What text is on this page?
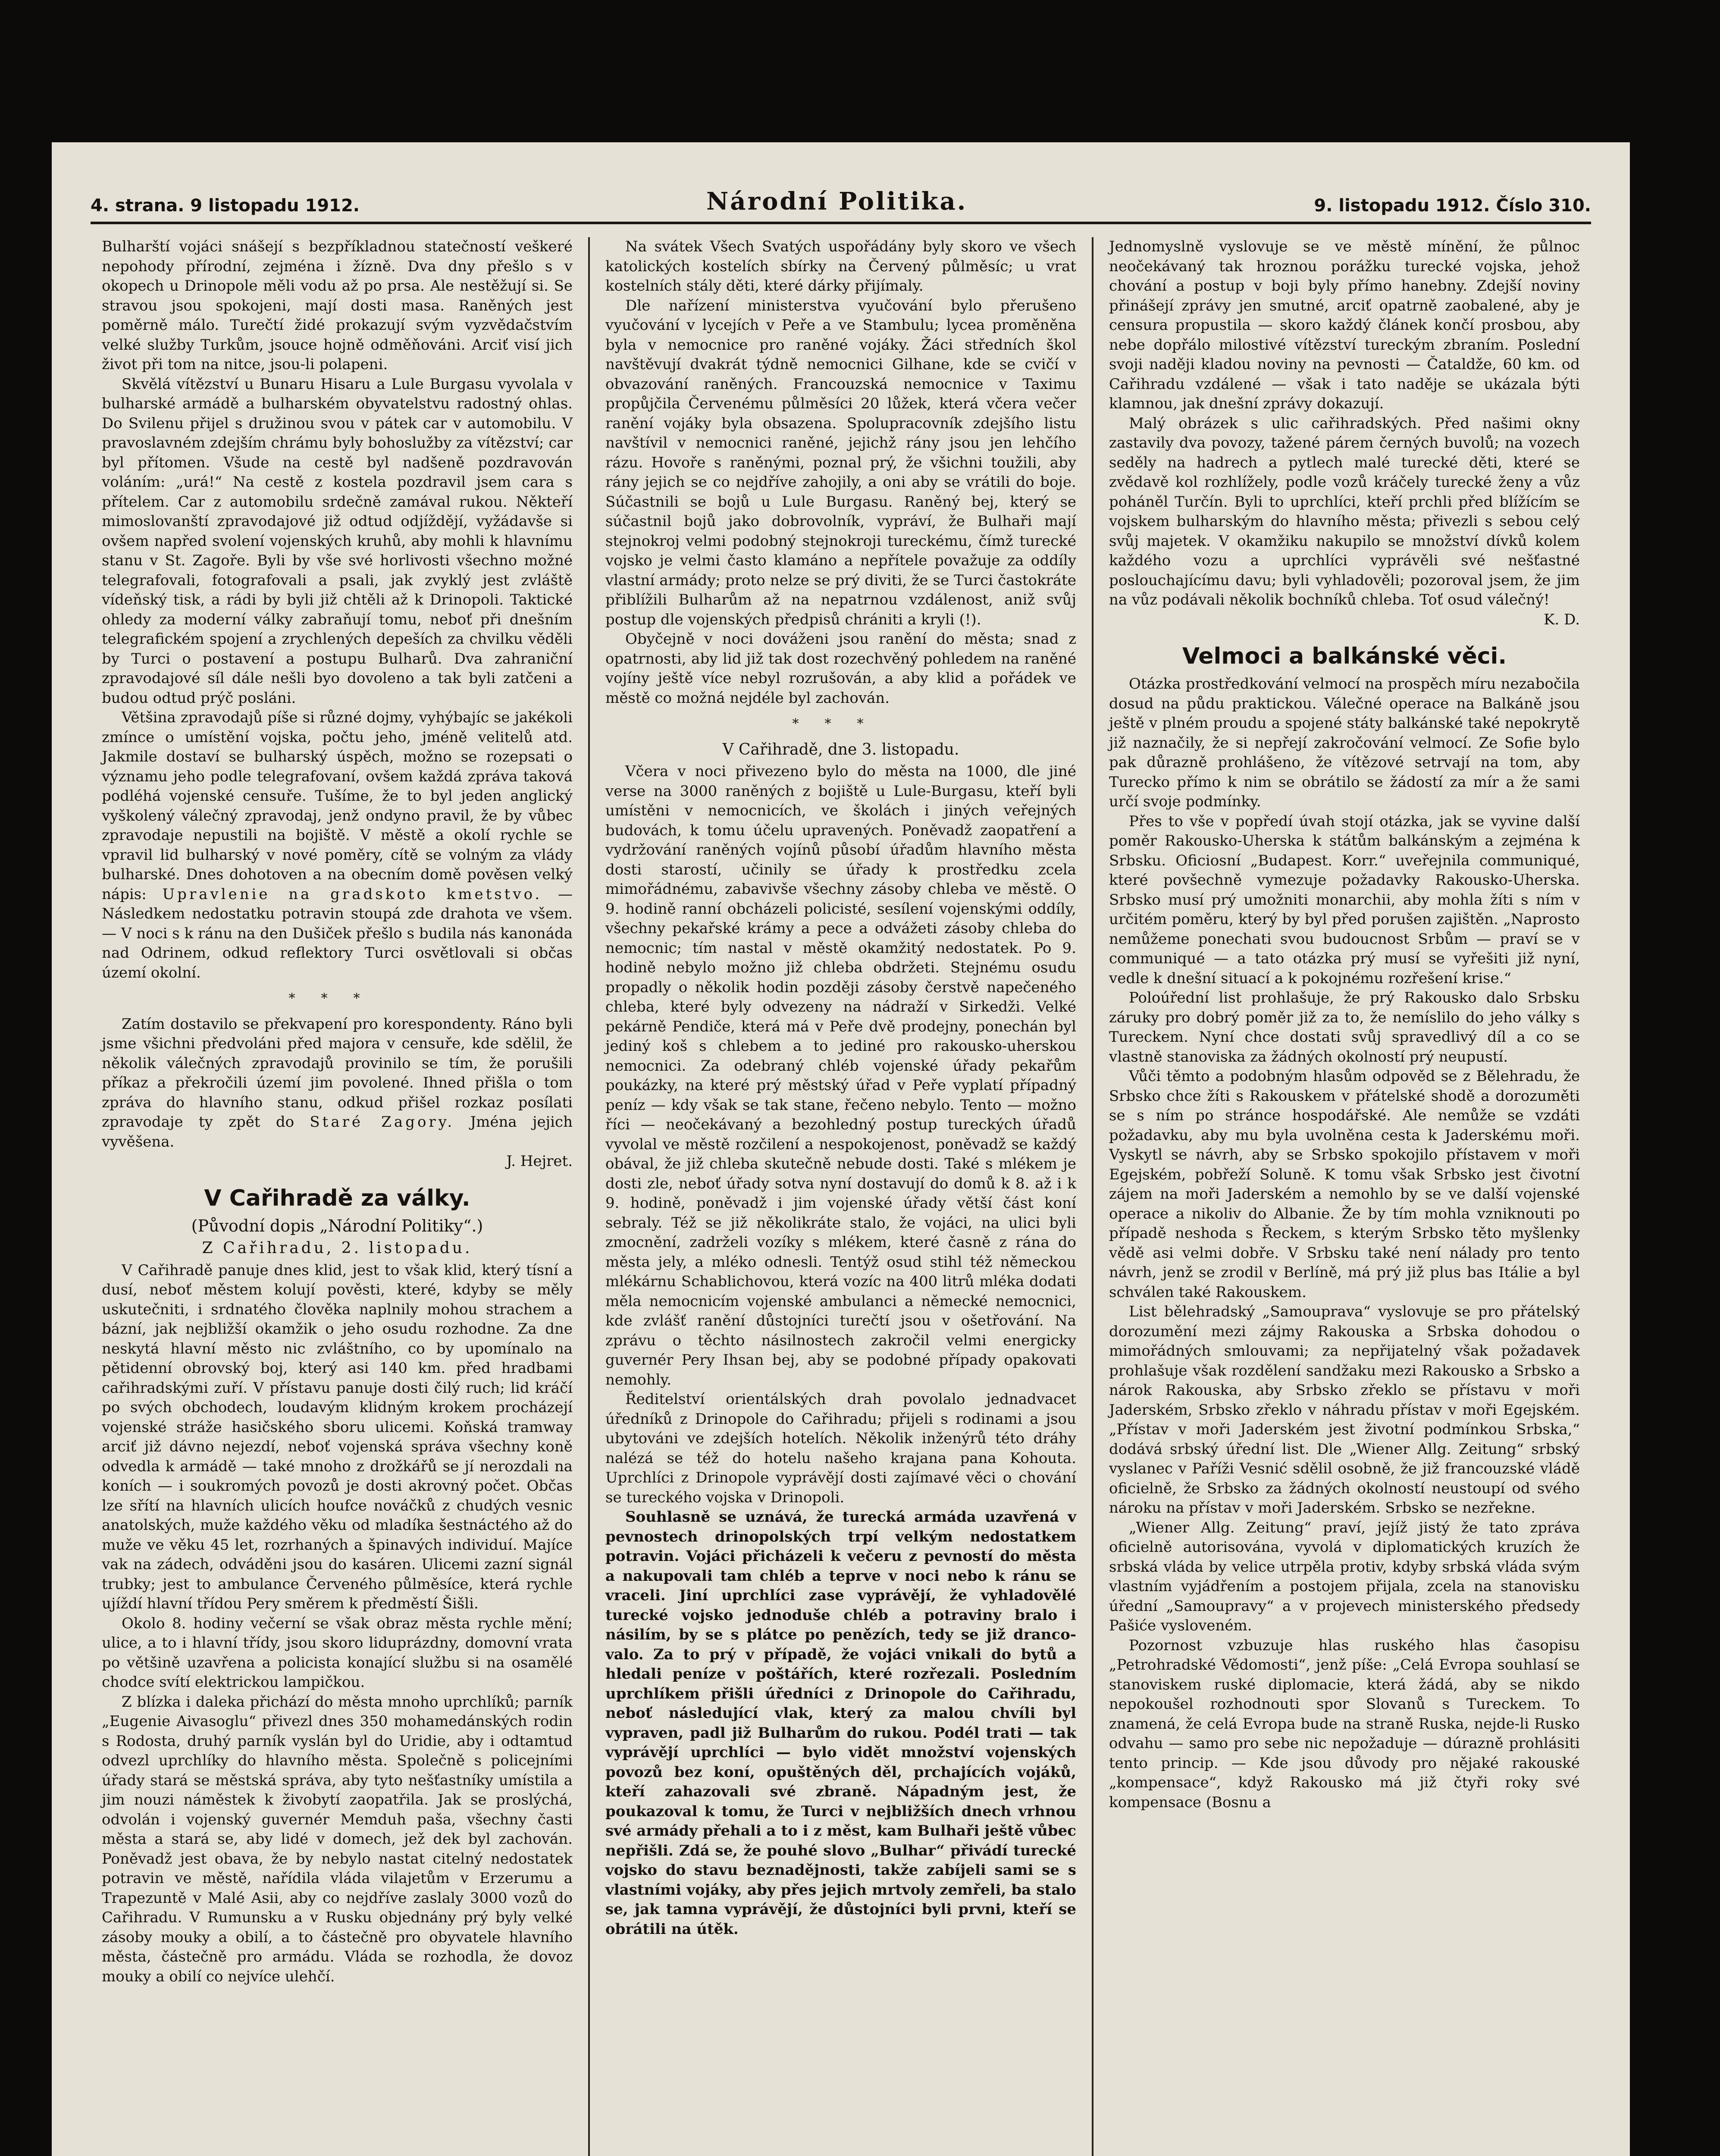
4. strana. 9 listopadu 1912.	Národní Politika.	9. listopadu 1912. Číslo 310.

Bulharští vojáci snášejí s bezpříkladnou statečností veškeré nepohody přírodní, zejména i žízně. Dva dny přešlo s v okopech u Drinopole měli vodu až po prsa. Ale nestěžují si. Se stravou jsou spokojeni, mají dosti masa. Raněných jest poměrně málo. Turečtí židé prokazují svým vyzvědačstvím velké služby Turkům, jsouce hojně odměňováni. Arciť visí jich život při tom na nitce, jsou-li polapeni.

Skvělá vítězství u Bunaru Hisaru a Lule Burgasu vyvolala v bulharské armádě a bulharském obyvatelstvu radostný ohlas. Do Svilenu přijel s družinou svou v pátek car v automobilu. V pravoslavném zdejším chrámu byly bohoslužby za vítězství; car byl přítomen. Všude na cestě byl nadšeně pozdravován voláním: „urá!“ Na cestě z kostela pozdravil jsem cara s přítelem. Car z automobilu srdečně zamával rukou. Někteří mimoslovanští zpravodajové již odtud odjíždějí, vyžádavše si ovšem napřed svolení vojenských kruhů, aby mohli k hlavnímu stanu v St. Zagoře. Byli by vše své horlivosti všechno možné telegrafovali, fotografovali a psali, jak zvyklý jest zvláště vídeňský tisk, a rádi by byli již chtěli až k Drinopoli. Taktické ohledy za moderní války zabraňují tomu, neboť při dnešním telegrafickém spojení a zrychlených depeších za chvilku věděli by Turci o postavení a postupu Bulharů. Dva zahraniční zpravodajové síl dále nešli byo dovoleno a tak byli zatčeni a budou odtud prýč posláni.

Většina zpravodajů píše si různé dojmy, vyhýbajíc se jakékoli zmínce o umístění vojska, počtu jeho, jméně velitelů atd. Jakmile dostaví se bulharský úspěch, možno se rozepsati o významu jeho podle telegrafovaní, ovšem každá zpráva taková podléhá vojenské censuře. Tušíme, že to byl jeden anglický vyškolený válečný zpravodaj, jenž ondyno pravil, že by vůbec zpravodaje nepustili na bojiště. V městě a okolí rychle se vpravil lid bulharský v nové poměry, cítě se volným za vlády bulharské. Dnes dohotoven a na obecním domě pověsen velký nápis: Upravlenie na gradskoto kmetstvo. — Následkem nedostatku potravin stoupá zde drahota ve všem. — V noci s k ránu na den Dušiček přešlo s budila nás kanonáda nad Odrinem, odkud reflektory Turci osvětlovali si občas území okolní.

***

Zatím dostavilo se překvapení pro korespondenty. Ráno byli jsme všichni předvoláni před majora v censuře, kde sdělil, že několik válečných zpravodajů provinilo se tím, že porušili příkaz a překročili území jim povolené. Ihned přišla o tom zpráva do hlavního stanu, odkud přišel rozkaz posílati zpravodaje ty zpět do Staré Zagory. Jména jejich vyvěšena.

J. Hejret.
V Cařihradě za války.
(Původní dopis „Národní Politiky“.)
Z Cařihradu, 2. listopadu.

V Cařihradě panuje dnes klid, jest to však klid, který tísní a dusí, neboť městem kolují pověsti, které, kdyby se měly uskutečniti, i srdnatého člověka naplnily mohou strachem a bázní, jak nejbližší okamžik o jeho osudu rozhodne. Za dne neskytá hlavní město nic zvláštního, co by upomínalo na pětidenní obrovský boj, který asi 140 km. před hradbami cařihradskými zuří. V přístavu panuje dosti čilý ruch; lid kráčí po svých obchodech, loudavým klidným krokem procházejí vojenské stráže hasičského sboru ulicemi. Koňská tramway arciť již dávno nejezdí, neboť vojenská správa všechny koně odvedla k armádě — také mnoho z drožkářů se jí nerozdali na koních — i soukromých povozů je dosti akrovný počet. Občas lze sřítí na hlavních ulicích houfce nováčků z chudých vesnic anatolských, muže každého věku od mladíka šestnáctého až do muže ve věku 45 let, rozrhaných a špinavých individuí. Majíce vak na zádech, odváděni jsou do kasáren. Ulicemi zazní signál trubky; jest to ambulance Červeného půlměsíce, která rychle ujíždí hlavní třídou Pery směrem k předměstí Šišli.

Okolo 8. hodiny večerní se však obraz města rychle mění; ulice, a to i hlavní třídy, jsou skoro liduprázdny, domovní vrata po většině uzavřena a policista konající službu si na osamělé chodce svítí elektrickou lampičkou.

Z blízka i daleka přichází do města mnoho uprchlíků; parník „Eugenie Aivasoglu“ přivezl dnes 350 mohamedánských rodin s Rodosta, druhý parník vyslán byl do Uridie, aby i odtamtud odvezl uprchlíky do hlavního města. Společně s policejními úřady stará se městská správa, aby tyto nešťastníky umístila a jim nouzi náměstek k živobytí zaopatřila. Jak se proslýchá, odvolán i vojenský guvernér Memduh paša, všechny časti města a stará se, aby lidé v domech, jež dek byl zachován. Poněvadž jest obava, že by nebylo nastat citelný nedostatek potravin ve městě, nařídila vláda vilajetům v Erzerumu a Trapezuntě v Malé Asii, aby co nejdříve zaslaly 3000 vozů do Cařihradu. V Rumunsku a v Rusku objednány prý byly velké zásoby mouky a obilí, a to částečně pro obyvatele hlavního města, částečně pro armádu. Vláda se rozhodla, že dovoz mouky a obilí co nejvíce ulehčí.

Na svátek Všech Svatých uspořádány byly skoro ve všech katolických kostelích sbírky na Červený půlměsíc; u vrat kostelních stály děti, které dárky přijímaly.

Dle nařízení ministerstva vyučování bylo přerušeno vyučování v lycejích v Peře a ve Stambulu; lycea proměněna byla v nemocnice pro raněné vojáky. Žáci středních škol navštěvují dvakrát týdně nemocnici Gilhane, kde se cvičí v obvazování raněných. Francouzská nemocnice v Taximu propůjčila Červenému půlměsíci 20 lůžek, která včera večer ranění vojáky byla obsazena. Spolupracovník zdejšího listu navštívil v nemocnici raněné, jejichž rány jsou jen lehčího rázu. Hovoře s raněnými, poznal prý, že všichni toužili, aby rány jejich se co nejdříve zahojily, a oni aby se vrátili do boje. Súčastnili se bojů u Lule Burgasu. Raněný bej, který se súčastnil bojů jako dobrovolník, vypráví, že Bulhaři mají stejnokroj velmi podobný stejnokroji tureckému, čímž turecké vojsko je velmi často klamáno a nepřítele považuje za oddíly vlastní armády; proto nelze se prý diviti, že se Turci častokráte přiblížili Bulharům až na nepatrnou vzdálenost, aniž svůj postup dle vojenských předpisů chrániti a kryli (!).

Obyčejně v noci dováženi jsou ranění do města; snad z opatrnosti, aby lid již tak dost rozechvěný pohledem na raněné vojíny ještě více nebyl rozrušován, a aby klid a pořádek ve městě co možná nejdéle byl zachován.

***
V Cařihradě, dne 3. listopadu.

Včera v noci přivezeno bylo do města na 1000, dle jiné verse na 3000 raněných z bojiště u Lule-Burgasu, kteří byli umístěni v nemocnicích, ve školách i jiných veřejných budovách, k tomu účelu upravených. Poněvadž zaopatření a vydržování raněných vojínů působí úřadům hlavního města dosti starostí, učinily se úřady k prostředku zcela mimořádnému, zabavivše všechny zásoby chleba ve městě. O 9. hodině ranní obcházeli policisté, sesílení vojenskými oddíly, všechny pekařské krámy a pece a odvážeti zásoby chleba do nemocnic; tím nastal v městě okamžitý nedostatek. Po 9. hodině nebylo možno již chleba obdržeti. Stejnému osudu propadly o několik hodin později zásoby čerstvě napečeného chleba, které byly odvezeny na nádraží v Sirkedži. Velké pekárně Pendiče, která má v Peře dvě prodejny, ponechán byl jediný koš s chlebem a to jediné pro rakousko-uherskou nemocnici. Za odebraný chléb vojenské úřady pekařům poukázky, na které prý městský úřad v Peře vyplatí případný peníz — kdy však se tak stane, řečeno nebylo. Tento — možno říci — neočekávaný a bezohledný postup tureckých úřadů vyvolal ve městě rozčilení a nespokojenost, poněvadž se každý obával, že již chleba skutečně nebude dosti. Také s mlékem je dosti zle, neboť úřady sotva nyní dostavují do domů k 8. až i k 9. hodině, poněvadž i jim vojenské úřady větší část koní sebraly. Též se již několikráte stalo, že vojáci, na ulici byli zmocnění, zadrželi vozíky s mlékem, které časně z rána do města jely, a mléko odnesli. Tentýž osud stihl též německou mlékárnu Schablichovou, která vozíc na 400 litrů mléka dodati měla nemocnicím vojenské ambulanci a německé nemocnici, kde zvlášť ranění důstojníci turečtí jsou v ošetřování. Na zprávu o těchto násilnostech zakročil velmi energicky guvernér Pery Ihsan bej, aby se podobné případy opakovati nemohly.

Ředitelství orientálských drah povolalo jednadvacet úředníků z Drinopole do Cařihradu; přijeli s rodinami a jsou ubytováni ve zdejších hotelích. Několik inženýrů této dráhy nalézá se též do hotelu našeho krajana pana Kohouta. Uprchlíci z Drinopole vyprávějí dosti zajímavé věci o chování se tureckého vojska v Drinopoli.

Souhlasně se uznává, že turecká armáda uzavřená v pevnostech drinopolských trpí velkým nedostatkem potravin. Vojáci přicházeli k večeru z pevností do města a nakupovali tam chléb a teprve v noci nebo k ránu se vraceli. Jiní uprchlíci zase vyprávějí, že vyhladovělé turecké vojsko jednoduše chléb a potraviny bralo i násilím, by se s plátce po penězích, tedy se již drancovalo. Za to prý v případě, že vojáci vnikali do bytů a hledali peníze v poštářích, které rozřezali. Posledním uprchlíkem přišli úředníci z Drinopole do Cařihradu, neboť následující vlak, který za malou chvíli byl vypraven, padl již Bulharům do rukou. Podél trati — tak vyprávějí uprchlíci — bylo vidět množství vojenských povozů bez koní, opuštěných děl, prchajících vojáků, kteří zahazovali své zbraně. Nápadným jest, že poukazoval k tomu, že Turci v nejbližších dnech vrhnou své armády přehali a to i z měst, kam Bulhaři ještě vůbec nepřišli. Zdá se, že pouhé slovo „Bulhar“ přivádí turecké vojsko do stavu beznadějnosti, takže zabíjeli sami se s vlastními vojáky, aby přes jejich mrtvoly zemřeli, ba stalo se, jak tamna vyprávějí, že důstojníci byli prvni, kteří se obrátili na útěk.

Jednomyslně vyslovuje se ve městě mínění, že půlnoc neočekávaný tak hroznou porážku turecké vojska, jehož chování a postup v boji byly přímo hanebny. Zdejší noviny přinášejí zprávy jen smutné, arciť opatrně zaobalené, aby je censura propustila — skoro každý článek končí prosbou, aby nebe dopřálo milostivé vítězství tureckým zbraním. Poslední svoji naději kladou noviny na pevnosti — Čataldže, 60 km. od Cařihradu vzdálené — však i tato naděje se ukázala býti klamnou, jak dnešní zprávy dokazují.

Malý obrázek s ulic cařihradských. Před našimi okny zastavily dva povozy, tažené párem černých buvolů; na vozech seděly na hadrech a pytlech malé turecké děti, které se zvědavě kol rozhlížely, podle vozů kráčely turecké ženy a vůz poháněl Turčín. Byli to uprchlíci, kteří prchli před blížícím se vojskem bulharským do hlavního města; přivezli s sebou celý svůj majetek. V okamžiku nakupilo se množství dívků kolem každého vozu a uprchlíci vyprávěli své nešťastné poslouchajícímu davu; byli vyhladověli; pozoroval jsem, že jim na vůz podávali několik bochníků chleba. Toť osud válečný!

K. D.
Velmoci a balkánské věci.

Otázka prostředkování velmocí na prospěch míru nezabočila dosud na půdu praktickou. Válečné operace na Balkáně jsou ještě v plném proudu a spojené státy balkánské také nepokrytě již naznačily, že si nepřejí zakročování velmocí. Ze Sofie bylo pak důrazně prohlášeno, že vítězové setrvají na tom, aby Turecko přímo k nim se obrátilo se žádostí za mír a že sami určí svoje podmínky.

Přes to vše v popředí úvah stojí otázka, jak se vyvine další poměr Rakousko-Uherska k státům balkánským a zejména k Srbsku. Oficiosní „Budapest. Korr.“ uveřejnila communiqué, které povšechně vymezuje požadavky Rakousko-Uherska. Srbsko musí prý umožniti monarchii, aby mohla žíti s ním v určitém poměru, který by byl před porušen zajištěn. „Naprosto nemůžeme ponechati svou budoucnost Srbům — praví se v communiqué — a tato otázka prý musí se vyřešiti již nyní, vedle k dnešní situací a k pokojnému rozřešení krise.“

Poloúřední list prohlašuje, že prý Rakousko dalo Srbsku záruky pro dobrý poměr již za to, že nemíslilo do jeho války s Tureckem. Nyní chce dostati svůj spravedlivý díl a co se vlastně stanoviska za žádných okolností prý neupustí.

Vůči těmto a podobným hlasům odpověd se z Bělehradu, že Srbsko chce žíti s Rakouskem v přátelské shodě a dorozuměti se s ním po stránce hospodářské. Ale nemůže se vzdáti požadavku, aby mu byla uvolněna cesta k Jaderskému moři. Vyskytl se návrh, aby se Srbsko spokojilo přístavem v moři Egejském, pobřeží Soluně. K tomu však Srbsko jest čivotní zájem na moři Jaderském a nemohlo by se ve další vojenské operace a nikoliv do Albanie. Že by tím mohla vzniknouti po případě neshoda s Řeckem, s kterým Srbsko těto myšlenky vědě asi velmi dobře. V Srbsku také není nálady pro tento návrh, jenž se zrodil v Berlíně, má prý již plus bas Itálie a byl schválen také Rakouskem.

List bělehradský „Samouprava“ vyslovuje se pro přátelský dorozumění mezi zájmy Rakouska a Srbska dohodou o mimořádných smlouvami; za nepřijatelný však požadavek prohlašuje však rozdělení sandžaku mezi Rakousko a Srbsko a nárok Rakouska, aby Srbsko zřeklo se přístavu v moři Jaderském, Srbsko zřeklo v náhradu přístav v moři Egejském. „Přístav v moři Jaderském jest životní podmínkou Srbska,“ dodává srbský úřední list. Dle „Wiener Allg. Zeitung“ srbský vyslanec v Paříži Vesnić sdělil osobně, že již francouzské vládě oficielně, že Srbsko za žádných okolností neustoupí od svého nároku na přístav v moři Jaderském. Srbsko se nezřekne.

„Wiener Allg. Zeitung“ praví, jejíž jistý že tato zpráva oficielně autorisována, vyvolá v diplomatických kruzích že srbská vláda by velice utrpěla protiv, kdyby srbská vláda svým vlastním vyjádřením a postojem přijala, zcela na stanovisku úřední „Samoupravy“ a v projevech ministerského předsedy Pašiće vysloveném.

Pozornost vzbuzuje hlas ruského hlas časopisu „Petrohradské Vědomosti“, jenž píše: „Celá Evropa souhlasí se stanoviskem ruské diplomacie, která žádá, aby se nikdo nepokoušel rozhodnouti spor Slovanů s Tureckem. To znamená, že celá Evropa bude na straně Ruska, nejde-li Rusko odvahu — samo pro sebe nic nepožaduje — dúrazně prohlásiti tento princip. — Kde jsou důvody pro nějaké rakouské „kompensace“, když Rakousko má již čtyři roky své kompensace (Bosnu a
